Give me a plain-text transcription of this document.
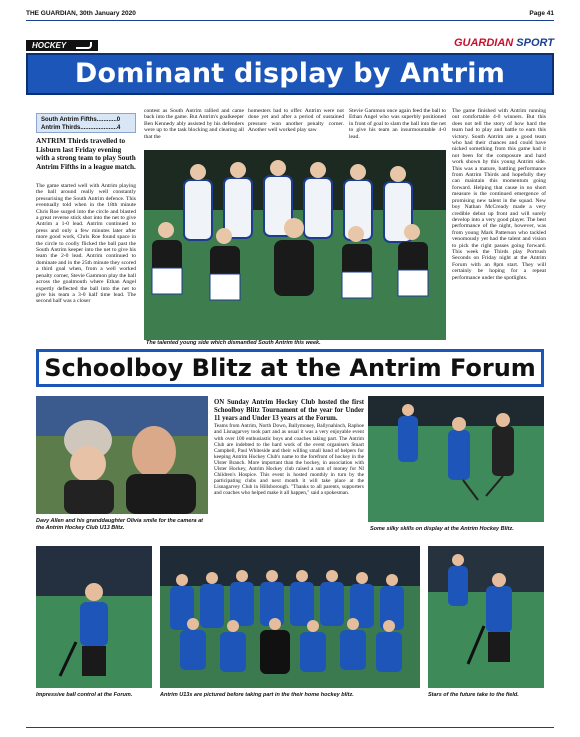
THE GUARDIAN, 30th January 2020	Page 41
HOCKEY	GUARDIAN SPORT
Dominant display by Antrim
South Antrim Fifths............0
Antrim Thirds......................4
ANTRIM Thirds travelled to Lisburn last Friday evening with a strong team to play South Antrim Fifths in a league match.
The game started well with Antrim playing the ball around really well constantly pressurising the South Antrim defence. This eventually told when in the 18th minute Chris Roe surged into the circle and blasted a great reverse stick shot into the net to give Antrim a 1-0 lead. Antrim continued to press and only a few minutes later after more good work, Chris Roe found space in the circle to coolly flicked the ball past the South Antrim keeper into the net to give his team the 2-0 lead. Antrim continued to dominate and in the 25th minute they scored a third goal when, from a well worked penalty corner, Stevie Gammon play the ball across the goalmouth where Ethan Angel expertly deflected the ball into the net to give his team a 3-0 half time lead. The second half was a closer
contest as South Antrim rallied and came back into the game. But Antrim's goalkeeper Ben Kennedy ably assisted by his defenders were up to the task blocking and clearing all that the
homesters had to offer. Antrim were not done yet and after a period of sustained pressure won another penalty corner. Another well worked play saw
Stevie Gammon once again feed the ball to Ethan Angel who was superbly positioned in front of goal to slam the ball into the net to give his team an insurmountable 4-0 lead.
The game finished with Antrim running out comfortable 4-0 winners. But this does not tell the story of how hard the team had to play and battle to earn this victory. South Antrim are a good team who had their chances and could have nicked something from this game had it not been for the composure and hard work shown by this young Antrim side. This was a mature, battling performance from Antrim Thirds and hopefully they can maintain this momentum going forward. Helping that cause in no short measure is the continued emergence of promising new talent in the squad. New boy Nathan McCready made a very credible debut up front and will surely develop into a very good player. The best performance of the night, however, was from young Mark Patterson who tackled venomously yet had the talent and vision to pick the right passes going forward. This week the Thirds play Portrush Seconds on Friday night at the Antrim Forum with an 8pm start. They will certainly be hoping for a repeat performance under the spotlights.
The talented young side which dismantled South Antrim this week.
Schoolboy Blitz at the Antrim Forum
Davy Allen and his granddaughter Olivia smile for the camera at the Antrim Hockey Club U13 Blitz.
ON Sunday Antrim Hockey Club hosted the first Schoolboy Blitz Tournament of the year for Under 11 years and Under 13 years at the Forum.
Teams from Antrim, North Down, Ballymoney, Ballynahinch, Raphoe and Lisnagarvey took part and as usual it was a very enjoyable event with over 100 enthusiastic boys and coaches taking part. The Antrim Club are indebted to the hard work of the event organisers Stuart Campbell, Paul Whiteside and their willing small band of helpers for keeping Antrim Hockey Club's name to the forefront of hockey in the Ulster Branch. More important than the hockey, in association with Ulster Hockey, Antrim Hockey club raised a sum of money for NI Children's Hospice. This event is hosted monthly in turn by the participating clubs and next month it will take place at the Lisnagarvey Club in Hillsborough. "Thanks to all parents, supporters and coaches who helped make it all happen," said a spokesman.
Some silky skills on display at the Antrim Hockey Blitz.
Impressive ball control at the Forum.	Antrim U13s are pictured before taking part in the their home hockey blitz.	Stars of the future take to the field.
